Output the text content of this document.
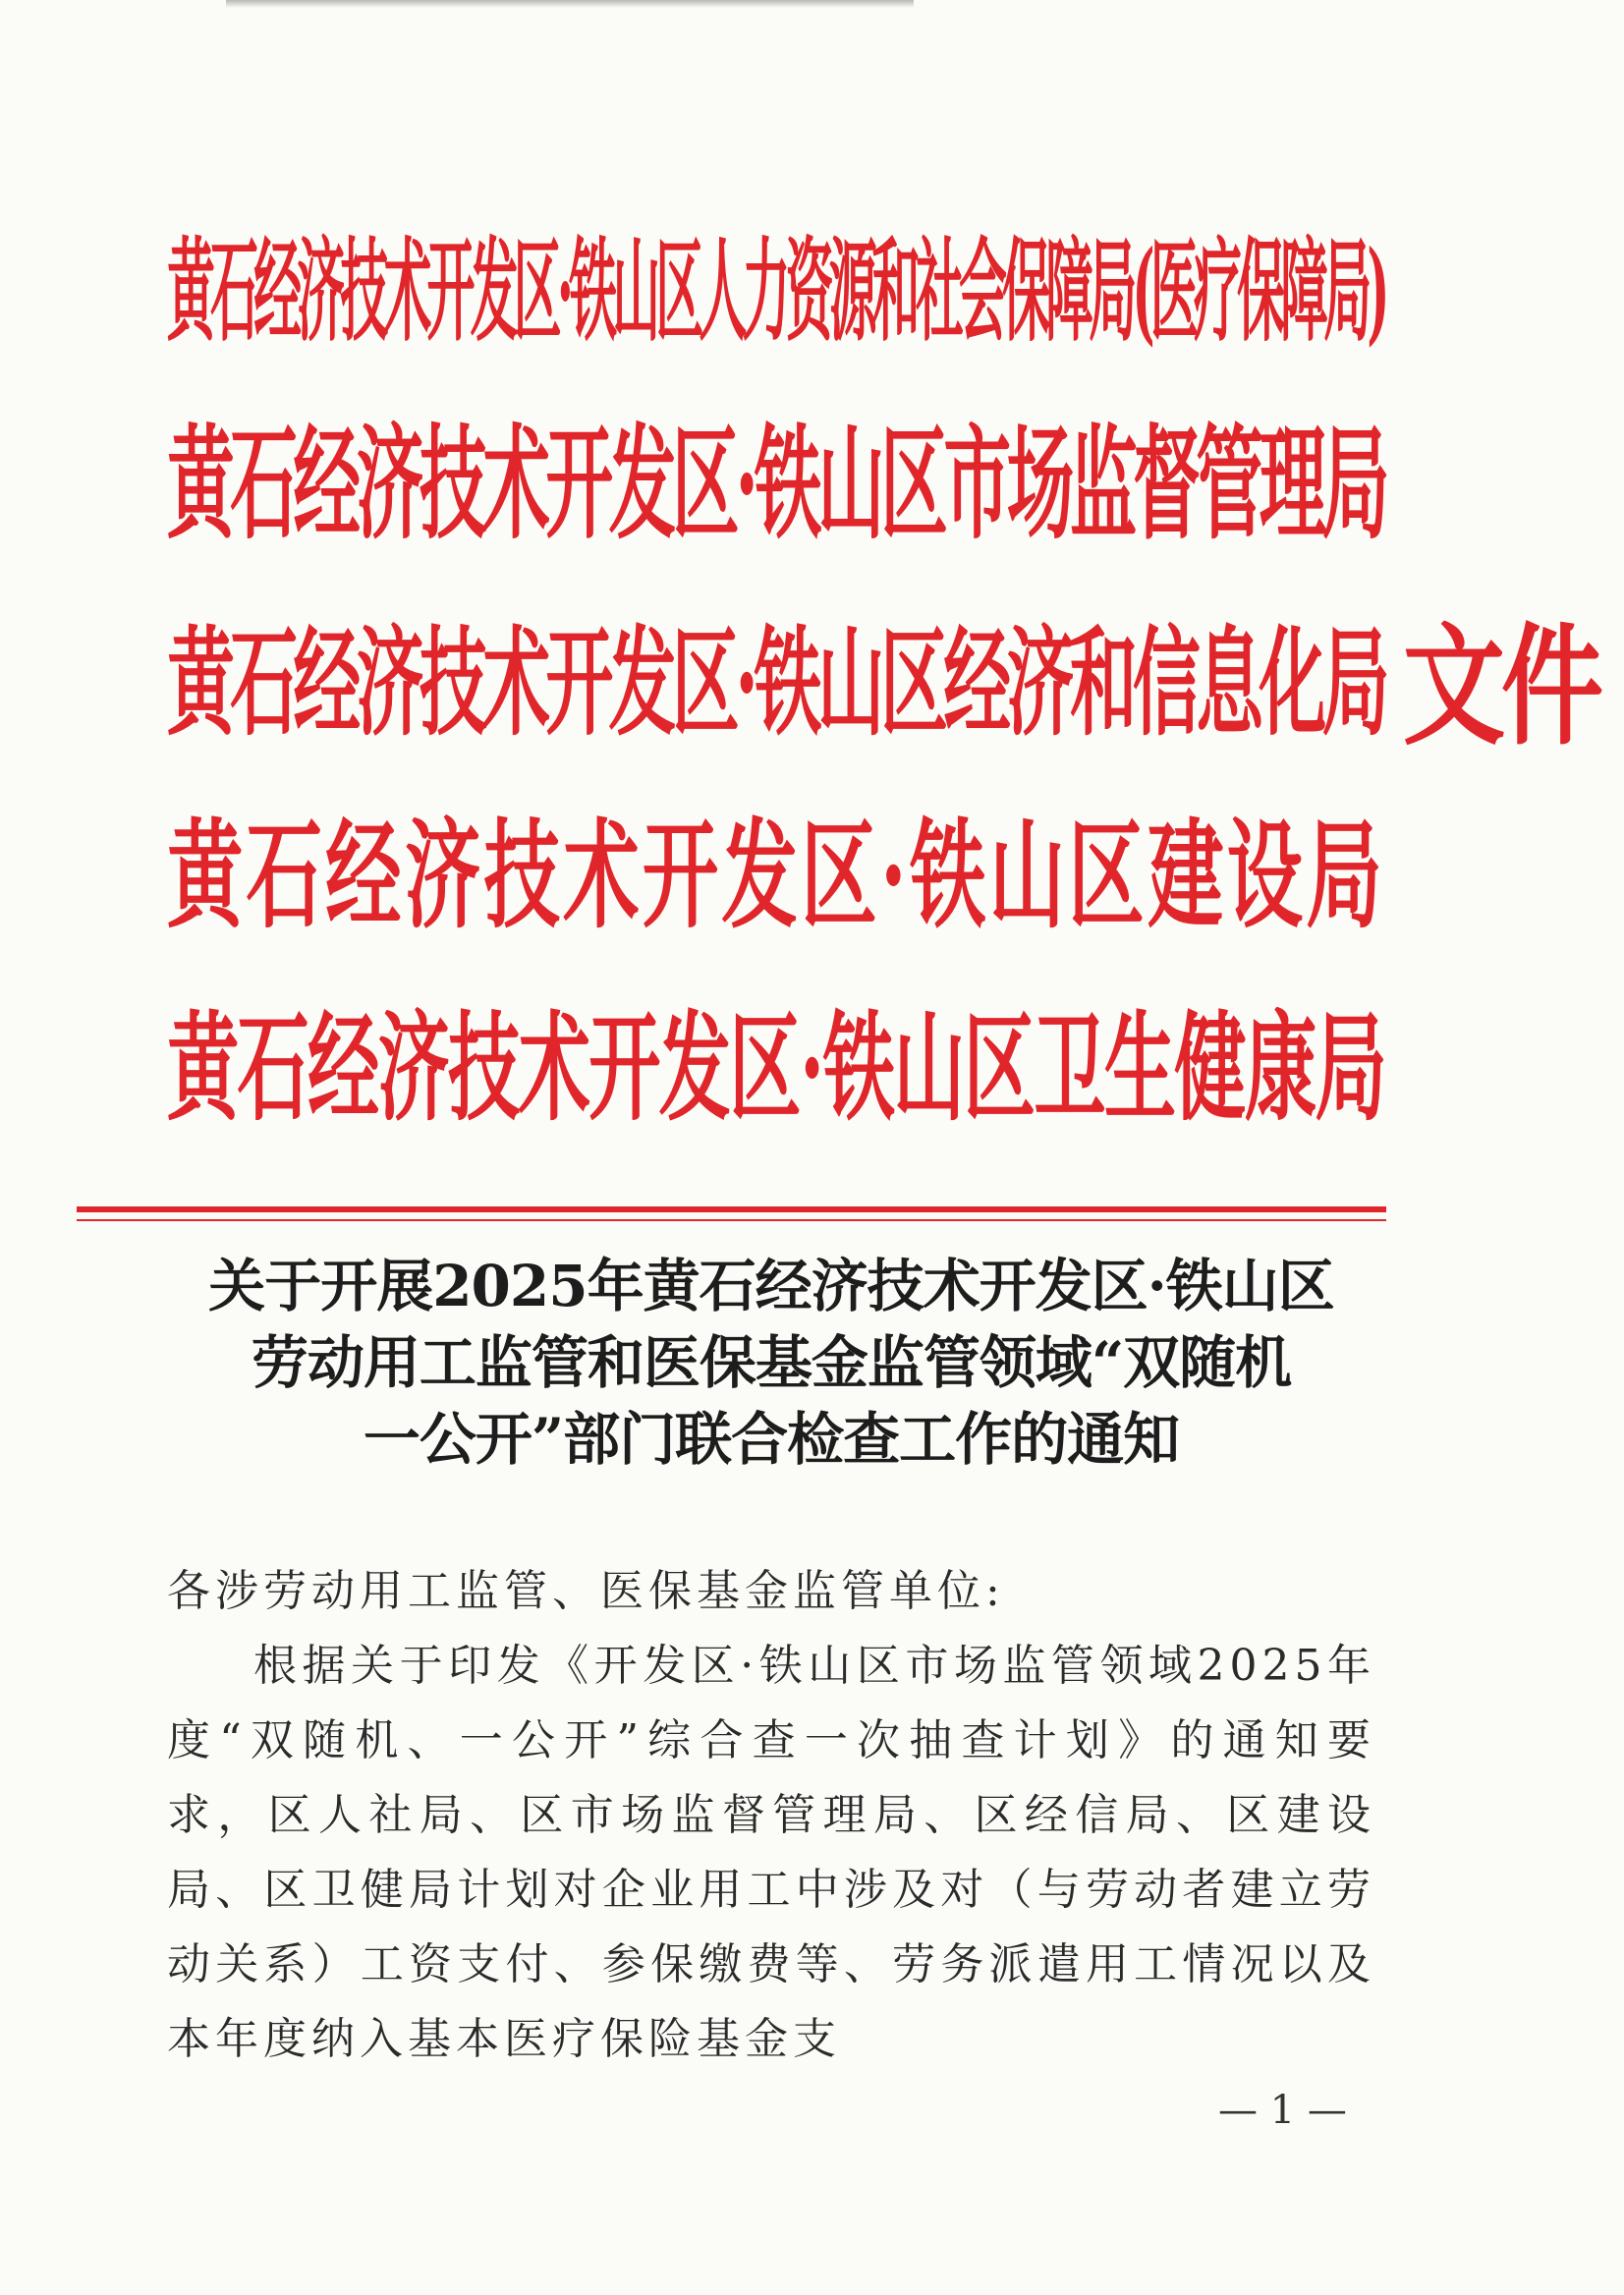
黄石经济技术开发区·铁山区人力资源和社会保障局(医疗保障局)
黄石经济技术开发区·铁山区市场监督管理局
黄石经济技术开发区·铁山区经济和信息化局
黄石经济技术开发区·铁山区建设局
黄石经济技术开发区·铁山区卫生健康局
文件
关于开展2025年黄石经济技术开发区·铁山区
劳动用工监管和医保基金监管领域“双随机
一公开”部门联合检查工作的通知
各涉劳动用工监管、医保基金监管单位:
根据关于印发《开发区·铁山区市场监管领域2025年度“双随机、一公开”综合查一次抽查计划》的通知要求，区人社局、区市场监督管理局、区经信局、区建设局、区卫健局计划对企业用工中涉及对（与劳动者建立劳动关系）工资支付、参保缴费等、劳务派遣用工情况以及本年度纳入基本医疗保险基金支
— 1 —
